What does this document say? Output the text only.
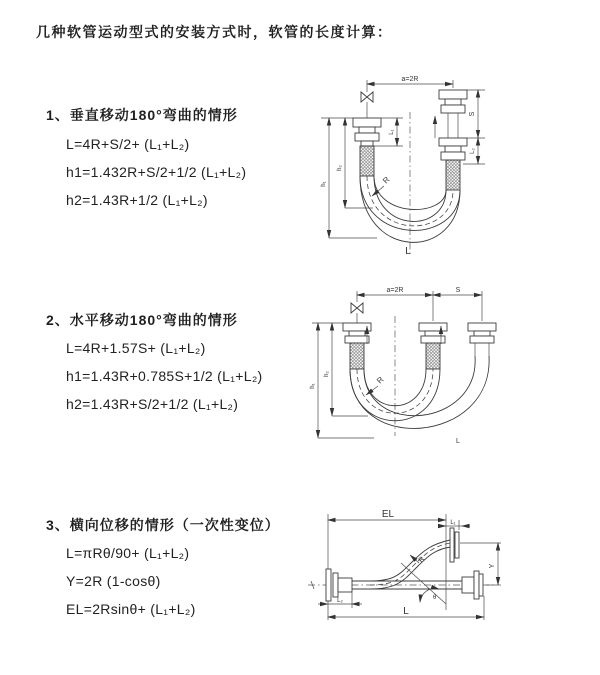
几种软管运动型式的安装方式时，软管的长度计算：
1、垂直移动180°弯曲的情形
L=4R+S/2+ (L₁+L₂)
h1=1.432R+S/2+1/2 (L₁+L₂)
h2=1.43R+1/2 (L₁+L₂)
a=2R
h₁
h₂
L₁
S
L₂
R
L
2、水平移动180°弯曲的情形
L=4R+1.57S+ (L₁+L₂)
h1=1.43R+0.785S+1/2 (L₁+L₂)
h2=1.43R+S/2+1/2 (L₁+L₂)
a=2R	S
h₁
h₂
R
L
3、横向位移的情形（一次性变位）
L=πRθ/90+ (L₁+L₂)
Y=2R (1-cosθ)
EL=2Rsinθ+ (L₁+L₂)
θ
R
EL
L₁
Y
L₂
L
